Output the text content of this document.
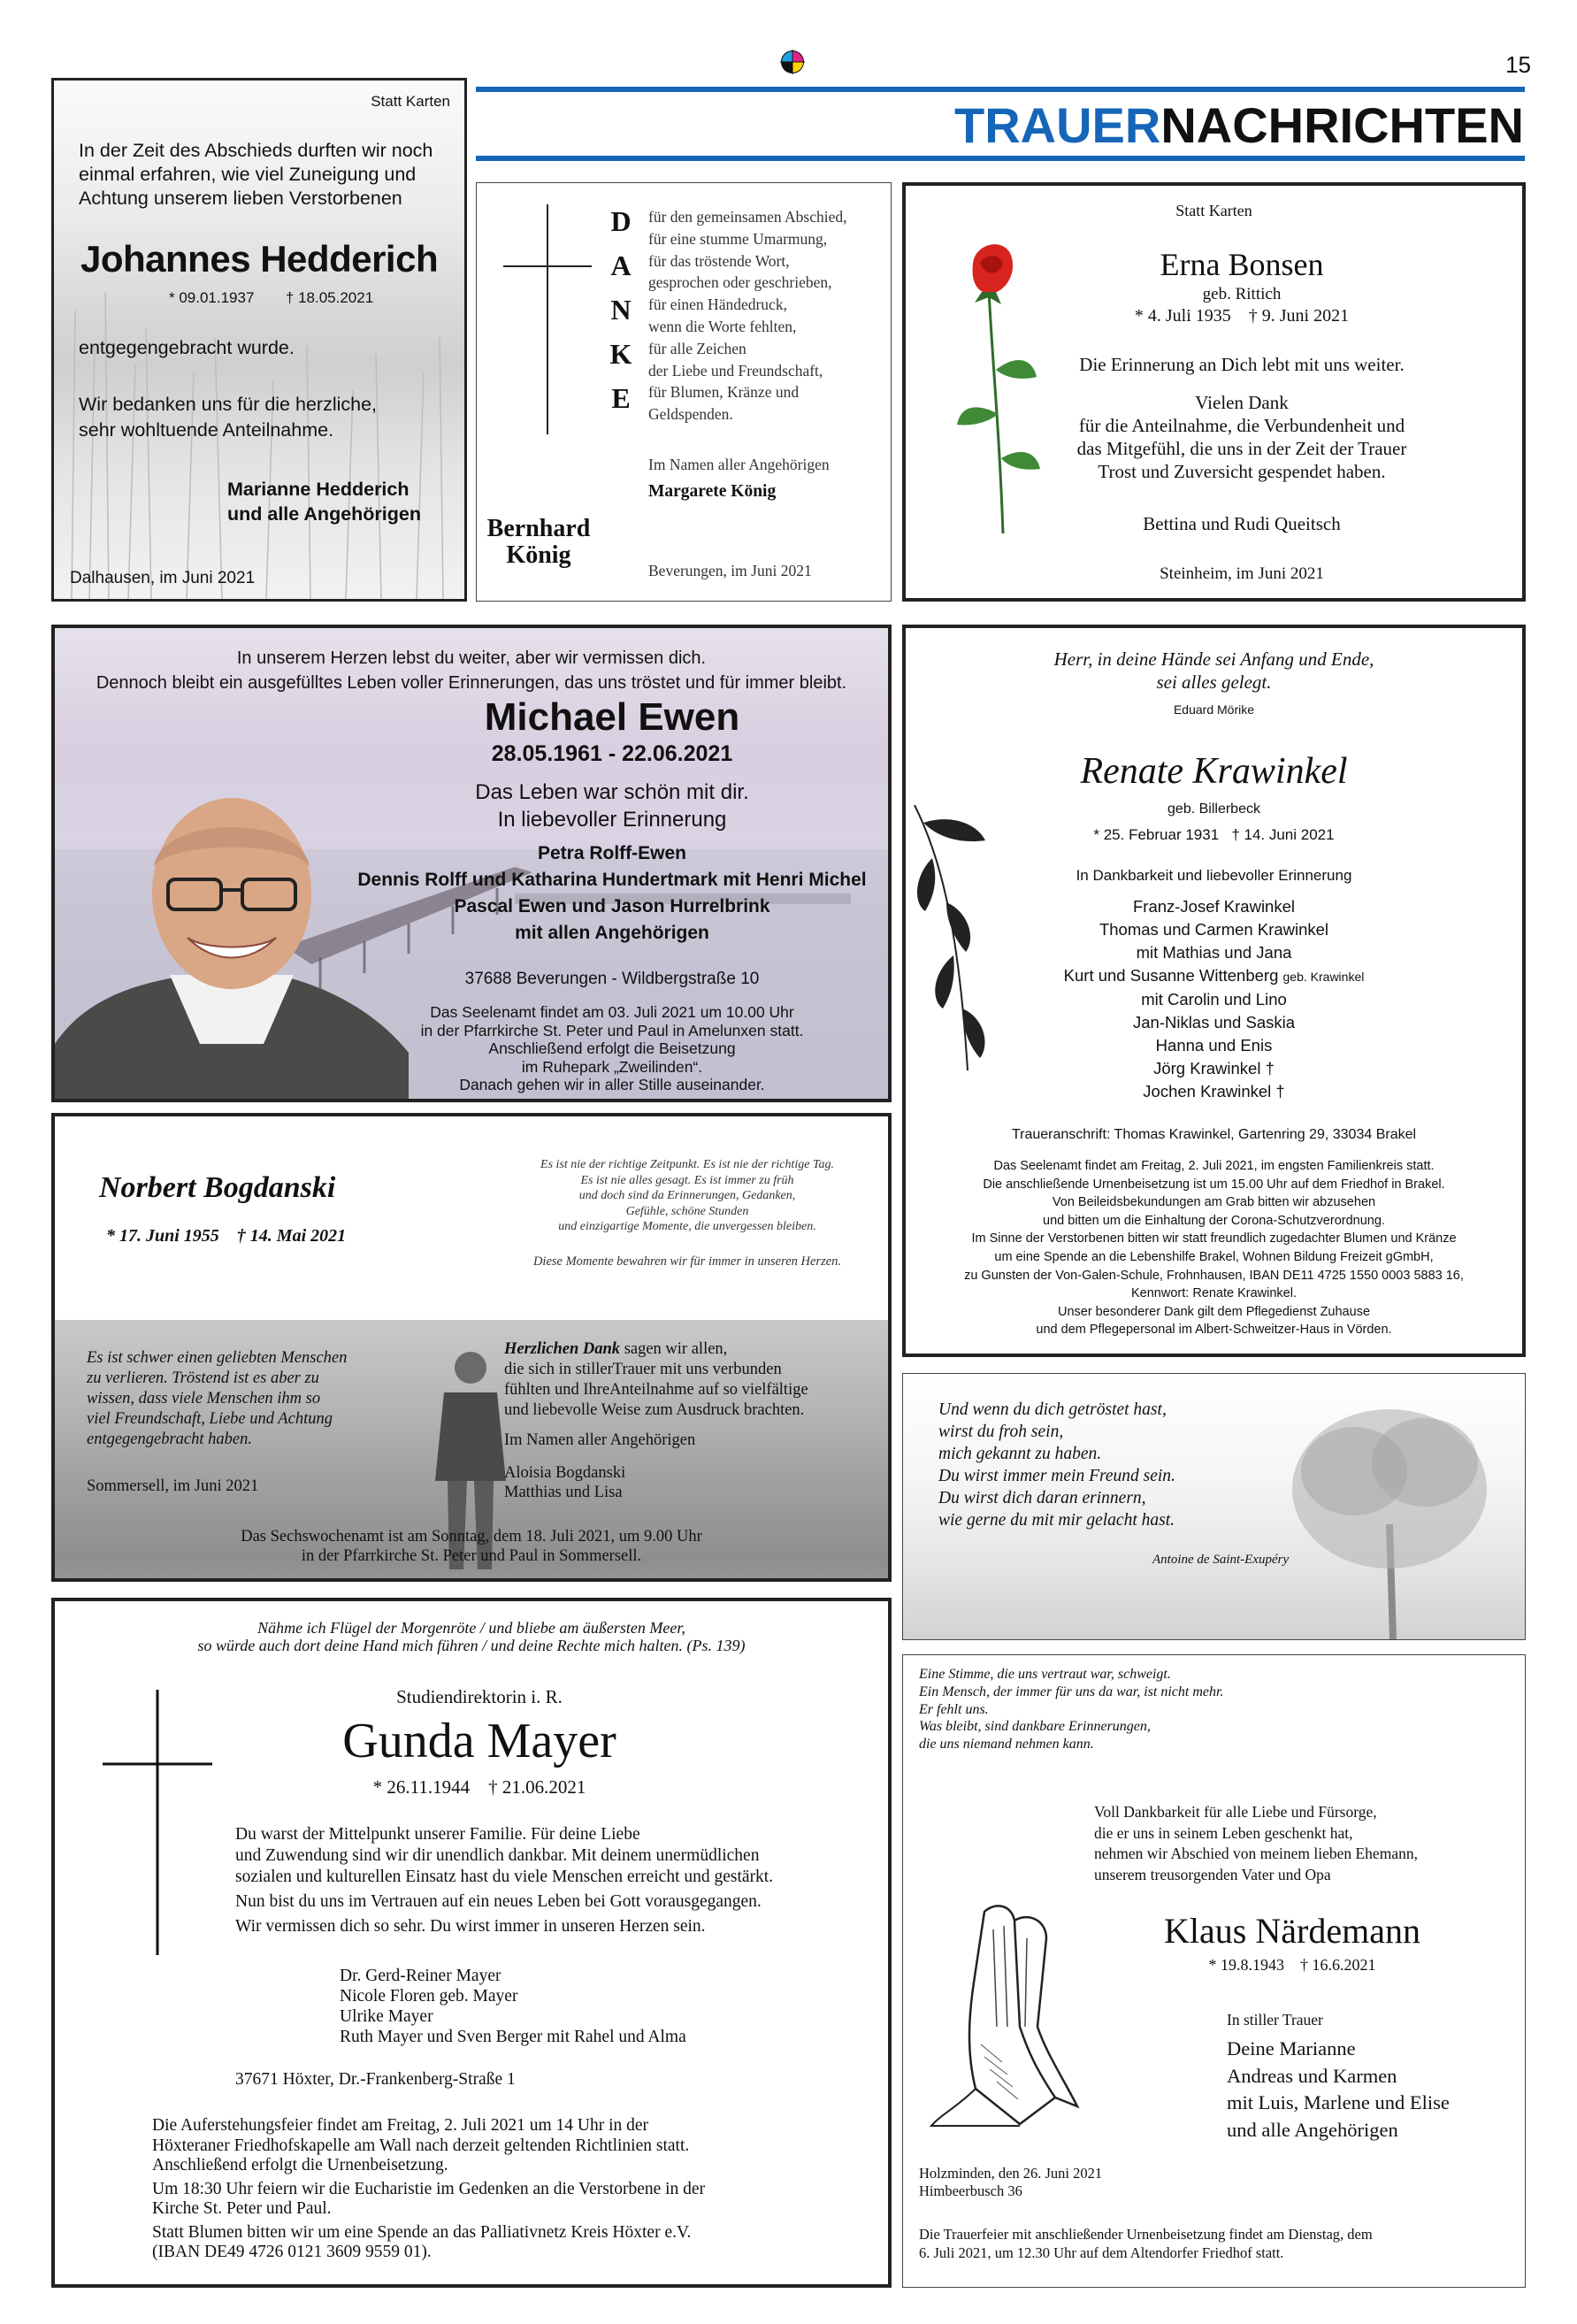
15
TRAUERNACHRICHTEN
Statt Karten
In der Zeit des Abschieds durften wir noch
einmal erfahren, wie viel Zuneigung und
Achtung unserem lieben Verstorbenen
Johannes Hedderich
* 09.01.1937 † 18.05.2021
entgegengebracht wurde.
Wir bedanken uns für die herzliche,
sehr wohltuende Anteilnahme.
Marianne Hedderich
und alle Angehörigen
Dalhausen, im Juni 2021
D
A
N
K
E
für den gemeinsamen Abschied,
für eine stumme Umarmung,
für das tröstende Wort,
gesprochen oder geschrieben,
für einen Händedruck,
wenn die Worte fehlten,
für alle Zeichen
der Liebe und Freundschaft,
für Blumen, Kränze und
Geldspenden.
Im Namen aller Angehörigen
Margarete König
Bernhard
König
Beverungen, im Juni 2021
Statt Karten
Erna Bonsen
geb. Rittich
* 4. Juli 1935    † 9. Juni 2021
Die Erinnerung an Dich lebt mit uns weiter.
Vielen Dank
für die Anteilnahme, die Verbundenheit und
das Mitgefühl, die uns in der Zeit der Trauer
Trost und Zuversicht gespendet haben.
Bettina und Rudi Queitsch
Steinheim, im Juni 2021
In unserem Herzen lebst du weiter, aber wir vermissen dich.
Dennoch bleibt ein ausgefülltes Leben voller Erinnerungen, das uns tröstet und für immer bleibt.
Michael Ewen
28.05.1961 - 22.06.2021
Das Leben war schön mit dir.
In liebevoller Erinnerung
Petra Rolff-Ewen
Dennis Rolff und Katharina Hundertmark mit Henri Michel
Pascal Ewen und Jason Hurrelbrink
mit allen Angehörigen
37688 Beverungen - Wildbergstraße 10
Das Seelenamt findet am 03. Juli 2021 um 10.00 Uhr
in der Pfarrkirche St. Peter und Paul in Amelunxen statt.
Anschließend erfolgt die Beisetzung
im Ruhepark „Zweilinden“.
Danach gehen wir in aller Stille auseinander.
Herr, in deine Hände sei Anfang und Ende,
sei alles gelegt.
Eduard Mörike
Renate Krawinkel
geb. Billerbeck
* 25. Februar 1931   † 14. Juni 2021
In Dankbarkeit und liebevoller Erinnerung
Franz-Josef Krawinkel
Thomas und Carmen Krawinkel
mit Mathias und Jana
Kurt und Susanne Wittenberg geb. Krawinkel
mit Carolin und Lino
Jan-Niklas und Saskia
Hanna und Enis
Jörg Krawinkel †
Jochen Krawinkel †
Traueranschrift: Thomas Krawinkel, Gartenring 29, 33034 Brakel
Das Seelenamt findet am Freitag, 2. Juli 2021, im engsten Familienkreis statt.
Die anschließende Urnenbeisetzung ist um 15.00 Uhr auf dem Friedhof in Brakel.
Von Beileidsbekundungen am Grab bitten wir abzusehen
und bitten um die Einhaltung der Corona-Schutzverordnung.
Im Sinne der Verstorbenen bitten wir statt freundlich zugedachter Blumen und Kränze
um eine Spende an die Lebenshilfe Brakel, Wohnen Bildung Freizeit gGmbH,
zu Gunsten der Von-Galen-Schule, Frohnhausen, IBAN DE11 4725 1550 0003 5883 16,
Kennwort: Renate Krawinkel.
Unser besonderer Dank gilt dem Pflegedienst Zuhause
und dem Pflegepersonal im Albert-Schweitzer-Haus in Vörden.
Norbert Bogdanski
* 17. Juni 1955    † 14. Mai 2021
Es ist nie der richtige Zeitpunkt. Es ist nie der richtige Tag.
Es ist nie alles gesagt. Es ist immer zu früh
und doch sind da Erinnerungen, Gedanken,
Gefühle, schöne Stunden
und einzigartige Momente, die unvergessen bleiben.
Diese Momente bewahren wir für immer in unseren Herzen.
Es ist schwer einen geliebten Menschen
zu verlieren. Tröstend ist es aber zu
wissen, dass viele Menschen ihm so
viel Freundschaft, Liebe und Achtung
entgegengebracht haben.
Sommersell, im Juni 2021
Herzlichen Dank sagen wir allen,
die sich in stillerTrauer mit uns verbunden
fühlten und IhreAnteilnahme auf so vielfältige
und liebevolle Weise zum Ausdruck brachten.
Im Namen aller Angehörigen
Aloisia Bogdanski
Matthias und Lisa
Das Sechswochenamt ist am Sonntag, dem 18. Juli 2021, um 9.00 Uhr
in der Pfarrkirche St. Peter und Paul in Sommersell.
Und wenn du dich getröstet hast,
wirst du froh sein,
mich gekannt zu haben.
Du wirst immer mein Freund sein.
Du wirst dich daran erinnern,
wie gerne du mit mir gelacht hast.
Antoine de Saint-Exupéry
Nähme ich Flügel der Morgenröte / und bliebe am äußersten Meer,
so würde auch dort deine Hand mich führen / und deine Rechte mich halten. (Ps. 139)
Studiendirektorin i. R.
Gunda Mayer
* 26.11.1944    † 21.06.2021
Du warst der Mittelpunkt unserer Familie. Für deine Liebe
und Zuwendung sind wir dir unendlich dankbar. Mit deinem unermüdlichen
sozialen und kulturellen Einsatz hast du viele Menschen erreicht und gestärkt.
Nun bist du uns im Vertrauen auf ein neues Leben bei Gott vorausgegangen.
Wir vermissen dich so sehr. Du wirst immer in unseren Herzen sein.
Dr. Gerd-Reiner Mayer
Nicole Floren geb. Mayer
Ulrike Mayer
Ruth Mayer und Sven Berger mit Rahel und Alma
37671 Höxter, Dr.-Frankenberg-Straße 1
Die Auferstehungsfeier findet am Freitag, 2. Juli 2021 um 14 Uhr in der
Höxteraner Friedhofskapelle am Wall nach derzeit geltenden Richtlinien statt.
Anschließend erfolgt die Urnenbeisetzung.
Um 18:30 Uhr feiern wir die Eucharistie im Gedenken an die Verstorbene in der
Kirche St. Peter und Paul.
Statt Blumen bitten wir um eine Spende an das Palliativnetz Kreis Höxter e.V.
(IBAN DE49 4726 0121 3609 9559 01).
Eine Stimme, die uns vertraut war, schweigt.
Ein Mensch, der immer für uns da war, ist nicht mehr.
Er fehlt uns.
Was bleibt, sind dankbare Erinnerungen,
die uns niemand nehmen kann.
Voll Dankbarkeit für alle Liebe und Fürsorge,
die er uns in seinem Leben geschenkt hat,
nehmen wir Abschied von meinem lieben Ehemann,
unserem treusorgenden Vater und Opa
Klaus Närdemann
* 19.8.1943    † 16.6.2021
In stiller Trauer
Deine Marianne
Andreas und Karmen
mit Luis, Marlene und Elise
und alle Angehörigen
Holzminden, den 26. Juni 2021
Himbeerbusch 36
Die Trauerfeier mit anschließender Urnenbeisetzung findet am Dienstag, dem
6. Juli 2021, um 12.30 Uhr auf dem Altendorfer Friedhof statt.
